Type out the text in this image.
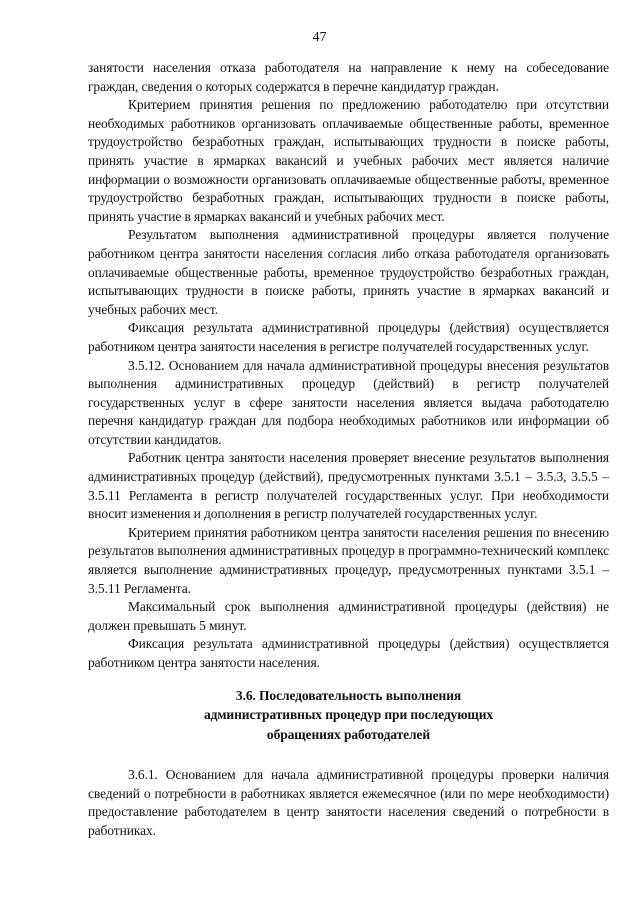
47

занятости населения отказа работодателя на направление к нему на собеседование граждан, сведения о которых содержатся в перечне кандидатур граждан.

Критерием принятия решения по предложению работодателю при отсутствии необходимых работников организовать оплачиваемые общественные работы, временное трудоустройство безработных граждан, испытывающих трудности в поиске работы, принять участие в ярмарках вакансий и учебных рабочих мест является наличие информации о возможности организовать оплачиваемые общественные работы, временное трудоустройство безработных граждан, испытывающих трудности в поиске работы, принять участие в ярмарках вакансий и учебных рабочих мест.

Результатом выполнения административной процедуры является получение работником центра занятости населения согласия либо отказа работодателя организовать оплачиваемые общественные работы, временное трудоустройство безработных граждан, испытывающих трудности в поиске работы, принять участие в ярмарках вакансий и учебных рабочих мест.

Фиксация результата административной процедуры (действия) осуществляется работником центра занятости населения в регистре получателей государственных услуг.

3.5.12. Основанием для начала административной процедуры внесения результатов выполнения административных процедур (действий) в регистр получателей государственных услуг в сфере занятости населения является выдача работодателю перечня кандидатур граждан для подбора необходимых работников или информации об отсутствии кандидатов.

Работник центра занятости населения проверяет внесение результатов выполнения административных процедур (действий), предусмотренных пунктами 3.5.1 – 3.5.3, 3.5.5 – 3.5.11 Регламента в регистр получателей государственных услуг. При необходимости вносит изменения и дополнения в регистр получателей государственных услуг.

Критерием принятия работником центра занятости населения решения по внесению результатов выполнения административных процедур в программно-технический комплекс является выполнение административных процедур, предусмотренных пунктами 3.5.1 – 3.5.11 Регламента.

Максимальный срок выполнения административной процедуры (действия) не должен превышать 5 минут.

Фиксация результата административной процедуры (действия) осуществляется работником центра занятости населения.

3.6. Последовательность выполнения
административных процедур при последующих
обращениях работодателей

3.6.1. Основанием для начала административной процедуры проверки наличия сведений о потребности в работниках является ежемесячное (или по мере необходимости) предоставление работодателем в центр занятости населения сведений о потребности в работниках.
